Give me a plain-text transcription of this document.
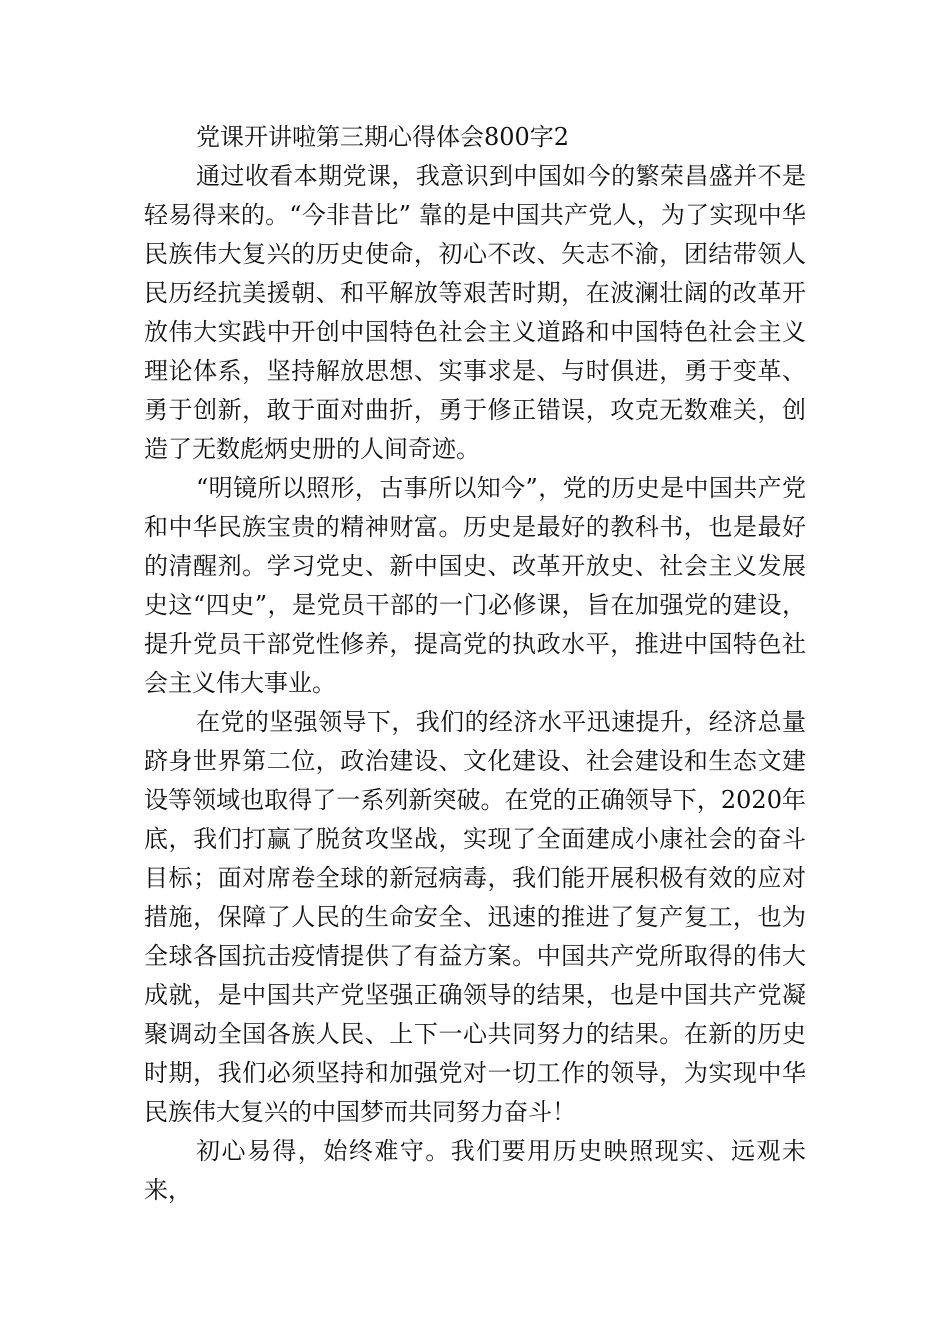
党课开讲啦第三期心得体会800字2

通过收看本期党课，我意识到中国如今的繁荣昌盛并不是轻易得来的。“今非昔比” 靠的是中国共产党人，为了实现中华民族伟大复兴的历史使命，初心不改、矢志不渝，团结带领人民历经抗美援朝、和平解放等艰苦时期，在波澜壮阔的改革开放伟大实践中开创中国特色社会主义道路和中国特色社会主义理论体系，坚持解放思想、实事求是、与时俱进，勇于变革、勇于创新，敢于面对曲折，勇于修正错误，攻克无数难关，创造了无数彪炳史册的人间奇迹。

“明镜所以照形，古事所以知今”，党的历史是中国共产党和中华民族宝贵的精神财富。历史是最好的教科书，也是最好的清醒剂。学习党史、新中国史、改革开放史、社会主义发展史这“四史”，是党员干部的一门必修课，旨在加强党的建设，提升党员干部党性修养，提高党的执政水平，推进中国特色社会主义伟大事业。

在党的坚强领导下，我们的经济水平迅速提升，经济总量跻身世界第二位，政治建设、文化建设、社会建设和生态文建设等领域也取得了一系列新突破。在党的正确领导下，2020年底，我们打赢了脱贫攻坚战，实现了全面建成小康社会的奋斗目标；面对席卷全球的新冠病毒，我们能开展积极有效的应对措施，保障了人民的生命安全、迅速的推进了复产复工，也为全球各国抗击疫情提供了有益方案。中国共产党所取得的伟大成就，是中国共产党坚强正确领导的结果，也是中国共产党凝聚调动全国各族人民、上下一心共同努力的结果。在新的历史时期，我们必须坚持和加强党对一切工作的领导，为实现中华民族伟大复兴的中国梦而共同努力奋斗！

初心易得，始终难守。我们要用历史映照现实、远观未来，
